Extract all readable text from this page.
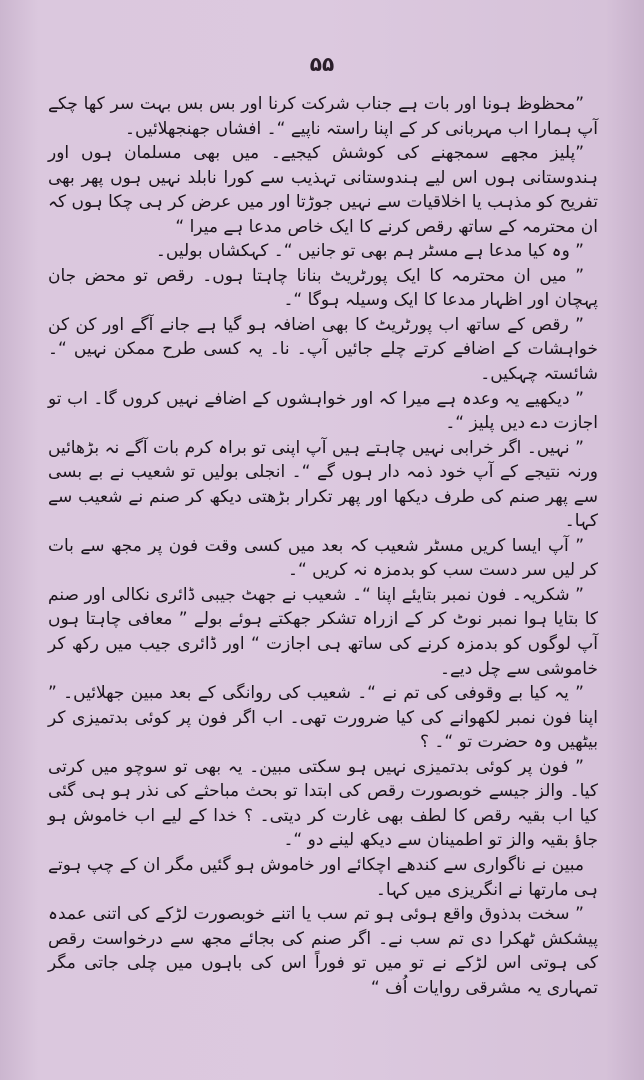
۵۵

”محظوظ ہونا اور بات ہے جناب شرکت کرنا اور بس بس بہت سر کھا چکے آپ ہمارا اب مہربانی کر کے اپنا راستہ ناپیے “۔ افشاں جھنجھلائیں۔

”پلیز مجھے سمجھنے کی کوشش کیجیے۔ میں بھی مسلمان ہوں اور ہندوستانی ہوں اس لیے ہندوستانی تہذیب سے کورا نابلد نہیں ہوں پھر بھی تفریح کو مذہب یا اخلاقیات سے نہیں جوڑتا اور میں عرض کر ہی چکا ہوں کہ ان محترمہ کے ساتھ رقص کرنے کا ایک خاص مدعا ہے میرا “

” وہ کیا مدعا ہے مسٹر ہم بھی تو جانیں “۔ کہکشاں بولیں۔

” میں ان محترمہ کا ایک پورٹریٹ بنانا چاہتا ہوں۔ رقص تو محض جان پہچان اور اظہار مدعا کا ایک وسیلہ ہوگا “۔

” رقص کے ساتھ اب پورٹریٹ کا بھی اضافہ ہو گیا ہے جانے آگے اور کن کن خواہشات کے اضافے کرتے چلے جائیں آپ۔ نا۔ یہ کسی طرح ممکن نہیں “۔ شائستہ چہکیں۔

” دیکھیے یہ وعدہ ہے میرا کہ اور خواہشوں کے اضافے نہیں کروں گا۔ اب تو اجازت دے دیں پلیز “۔

” نہیں۔ اگر خرابی نہیں چاہتے ہیں آپ اپنی تو براہ کرم بات آگے نہ بڑھائیں ورنہ نتیجے کے آپ خود ذمہ دار ہوں گے “۔ انجلی بولیں تو شعیب نے بے بسی سے پھر صنم کی طرف دیکھا اور پھر تکرار بڑھتی دیکھ کر صنم نے شعیب سے کہا۔

” آپ ایسا کریں مسٹر شعیب کہ بعد میں کسی وقت فون پر مجھ سے بات کر لیں سر دست سب کو بدمزہ نہ کریں “۔

” شکریہ۔ فون نمبر بتایئے اپنا “۔ شعیب نے جھٹ جیبی ڈائری نکالی اور صنم کا بتایا ہوا نمبر نوٹ کر کے ازراہ تشکر جھکتے ہوئے بولے ” معافی چاہتا ہوں آپ لوگوں کو بدمزہ کرنے کی ساتھ ہی اجازت “ اور ڈائری جیب میں رکھ کر خاموشی سے چل دیے۔

” یہ کیا بے وقوفی کی تم نے “۔ شعیب کی روانگی کے بعد مبین جھلائیں۔ ” اپنا فون نمبر لکھوانے کی کیا ضرورت تھی۔ اب اگر فون پر کوئی بدتمیزی کر بیٹھیں وہ حضرت تو “۔ ؟

” فون پر کوئی بدتمیزی نہیں ہو سکتی مبین۔ یہ بھی تو سوچو میں کرتی کیا۔ والز جیسے خوبصورت رقص کی ابتدا تو بحث مباحثے کی نذر ہو ہی گئی کیا اب بقیہ رقص کا لطف بھی غارت کر دیتی۔ ؟ خدا کے لیے اب خاموش ہو جاؤ بقیہ والز تو اطمینان سے دیکھ لینے دو “۔

مبین نے ناگواری سے کندھے اچکائے اور خاموش ہو گئیں مگر ان کے چپ ہوتے ہی مارتھا نے انگریزی میں کہا۔

” سخت بدذوق واقع ہوئی ہو تم سب یا اتنے خوبصورت لڑکے کی اتنی عمدہ پیشکش ٹھکرا دی تم سب نے۔ اگر صنم کی بجائے مجھ سے درخواست رقص کی ہوتی اس لڑکے نے تو میں تو فوراً اس کی باہوں میں چلی جاتی مگر تمہاری یہ مشرقی روایات اُف “
